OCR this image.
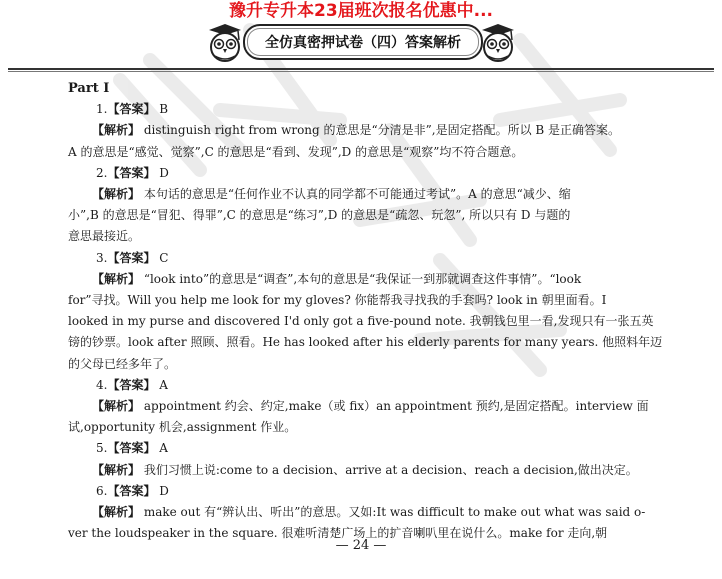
豫升专升本23届班次报名优惠中...
全仿真密押试卷（四）答案解析
Part Ⅰ
1.【答案】 B
【解析】 distinguish right from wrong 的意思是“分清是非”,是固定搭配。所以 B 是正确答案。
A 的意思是“感觉、觉察”,C 的意思是“看到、发现”,D 的意思是“观察”均不符合题意。
2.【答案】 D
【解析】 本句话的意思是“任何作业不认真的同学都不可能通过考试”。A 的意思“减少、缩
小”,B 的意思是“冒犯、得罪”,C 的意思是“练习”,D 的意思是“疏忽、玩忽”, 所以只有 D 与题的
意思最接近。
3.【答案】 C
【解析】 “look into”的意思是“调查”,本句的意思是“我保证一到那就调查这件事情”。“look
for”寻找。Will you help me look for my gloves? 你能帮我寻找我的手套吗? look in 朝里面看。I
looked in my purse and discovered I'd only got a five-pound note. 我朝钱包里一看,发现只有一张五英
镑的钞票。look after 照顾、照看。He has looked after his elderly parents for many years. 他照料年迈
的父母已经多年了。
4.【答案】 A
【解析】 appointment 约会、约定,make（或 fix）an appointment 预约,是固定搭配。interview 面
试,opportunity 机会,assignment 作业。
5.【答案】 A
【解析】 我们习惯上说:come to a decision、arrive at a decision、reach a decision,做出决定。
6.【答案】 D
【解析】 make out 有“辨认出、听出”的意思。又如:It was difficult to make out what was said o-
ver the loudspeaker in the square. 很难听清楚广场上的扩音喇叭里在说什么。make for 走向,朝
— 24 —
